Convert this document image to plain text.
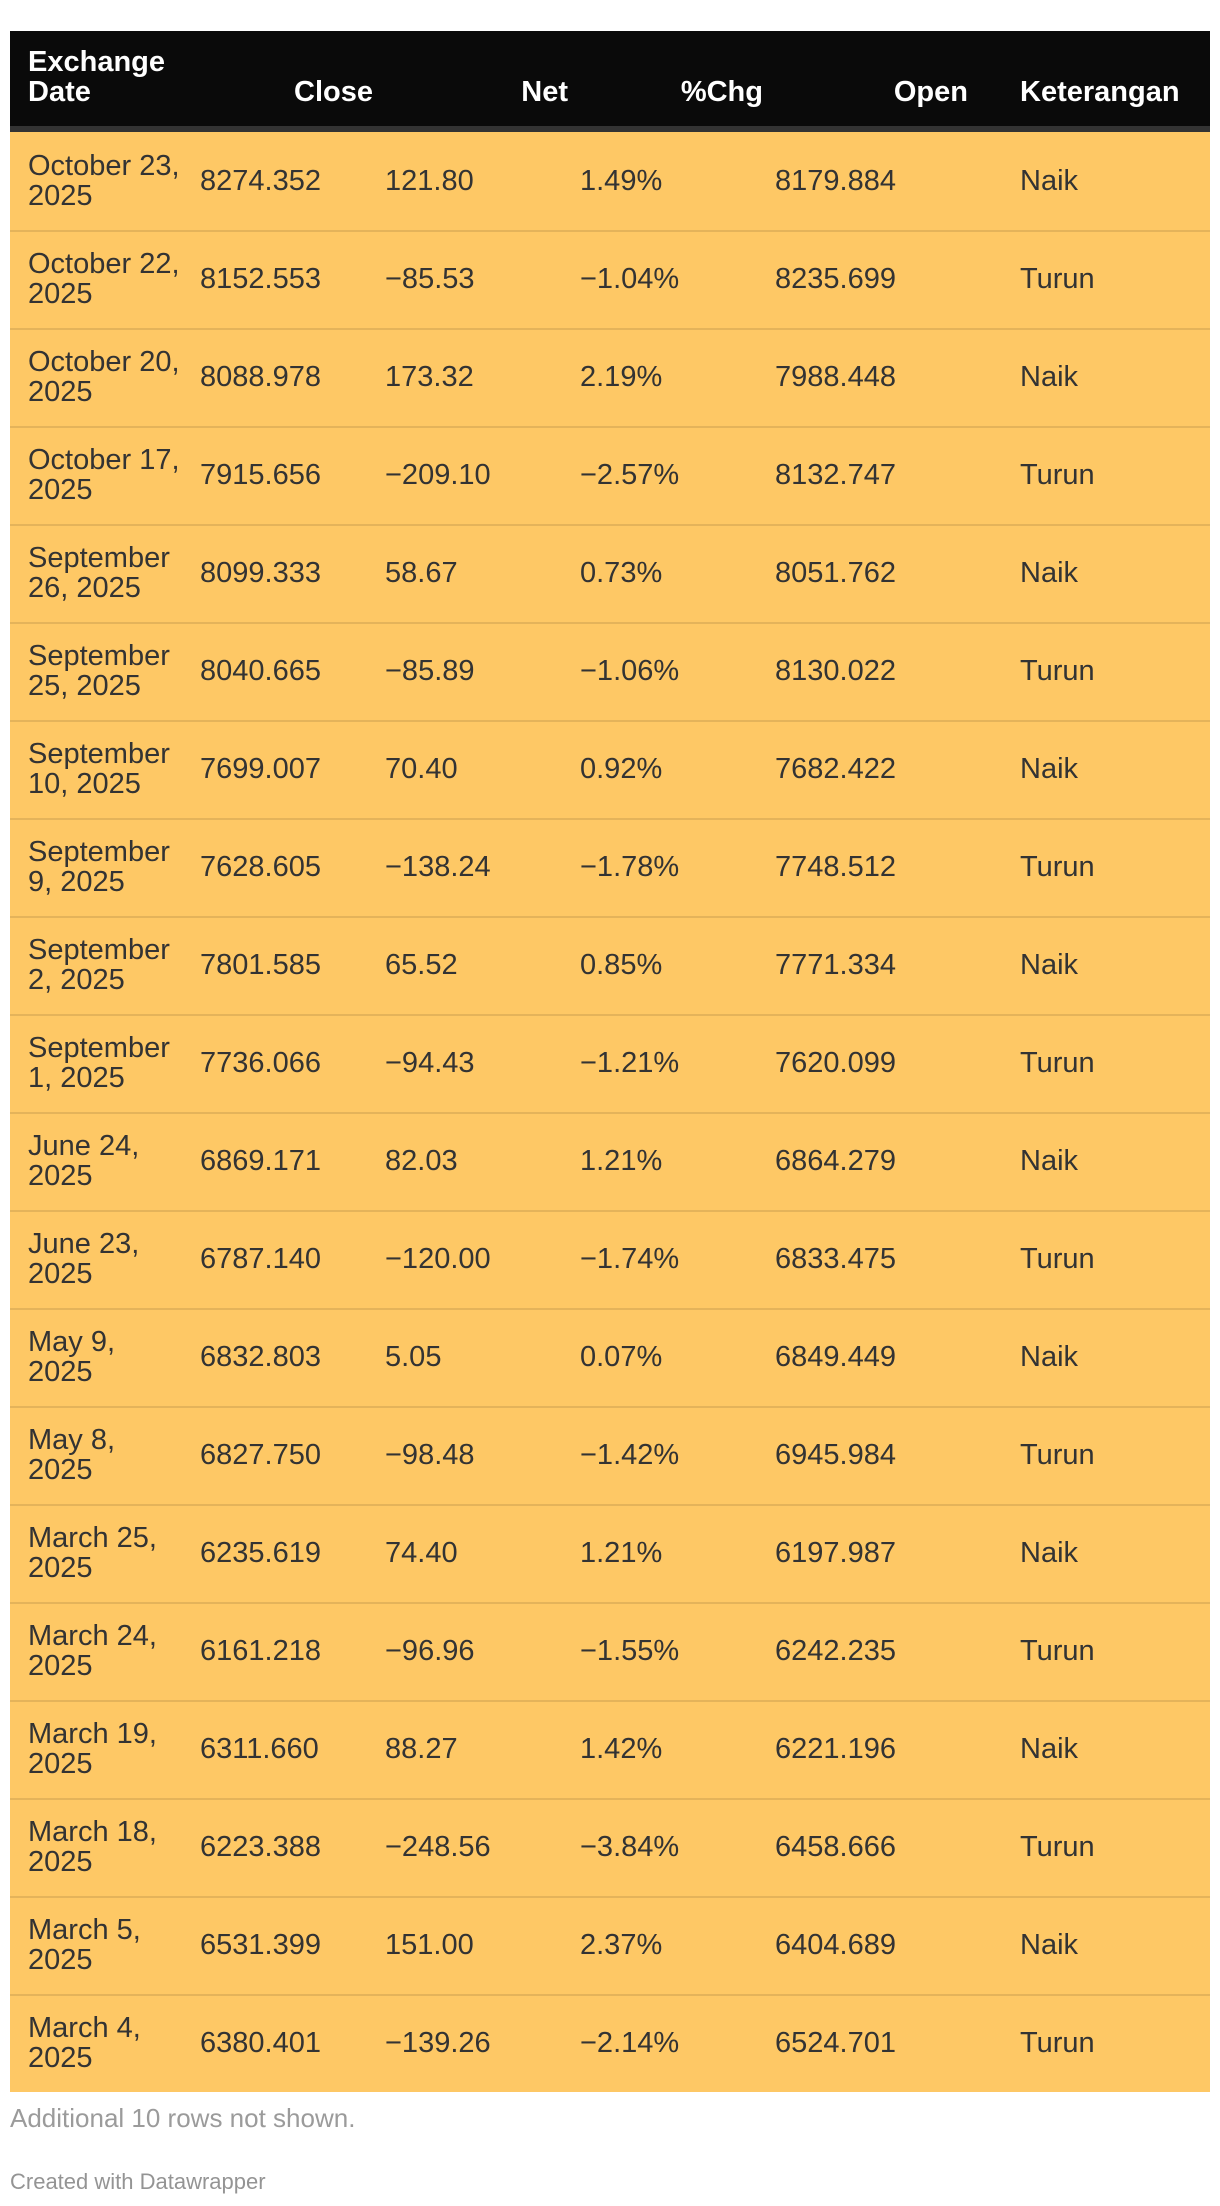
Exchange Date	Close	Net	%Chg	Open	Keterangan
October 23, 2025	8274.352	121.80	1.49%	8179.884	Naik
October 22, 2025	8152.553	−85.53	−1.04%	8235.699	Turun
October 20, 2025	8088.978	173.32	2.19%	7988.448	Naik
October 17, 2025	7915.656	−209.10	−2.57%	8132.747	Turun
September 26, 2025	8099.333	58.67	0.73%	8051.762	Naik
September 25, 2025	8040.665	−85.89	−1.06%	8130.022	Turun
September 10, 2025	7699.007	70.40	0.92%	7682.422	Naik
September 9, 2025	7628.605	−138.24	−1.78%	7748.512	Turun
September 2, 2025	7801.585	65.52	0.85%	7771.334	Naik
September 1, 2025	7736.066	−94.43	−1.21%	7620.099	Turun
June 24, 2025	6869.171	82.03	1.21%	6864.279	Naik
June 23, 2025	6787.140	−120.00	−1.74%	6833.475	Turun
May 9, 2025	6832.803	5.05	0.07%	6849.449	Naik
May 8, 2025	6827.750	−98.48	−1.42%	6945.984	Turun
March 25, 2025	6235.619	74.40	1.21%	6197.987	Naik
March 24, 2025	6161.218	−96.96	−1.55%	6242.235	Turun
March 19, 2025	6311.660	88.27	1.42%	6221.196	Naik
March 18, 2025	6223.388	−248.56	−3.84%	6458.666	Turun
March 5, 2025	6531.399	151.00	2.37%	6404.689	Naik
March 4, 2025	6380.401	−139.26	−2.14%	6524.701	Turun
Additional 10 rows not shown.
Created with Datawrapper
